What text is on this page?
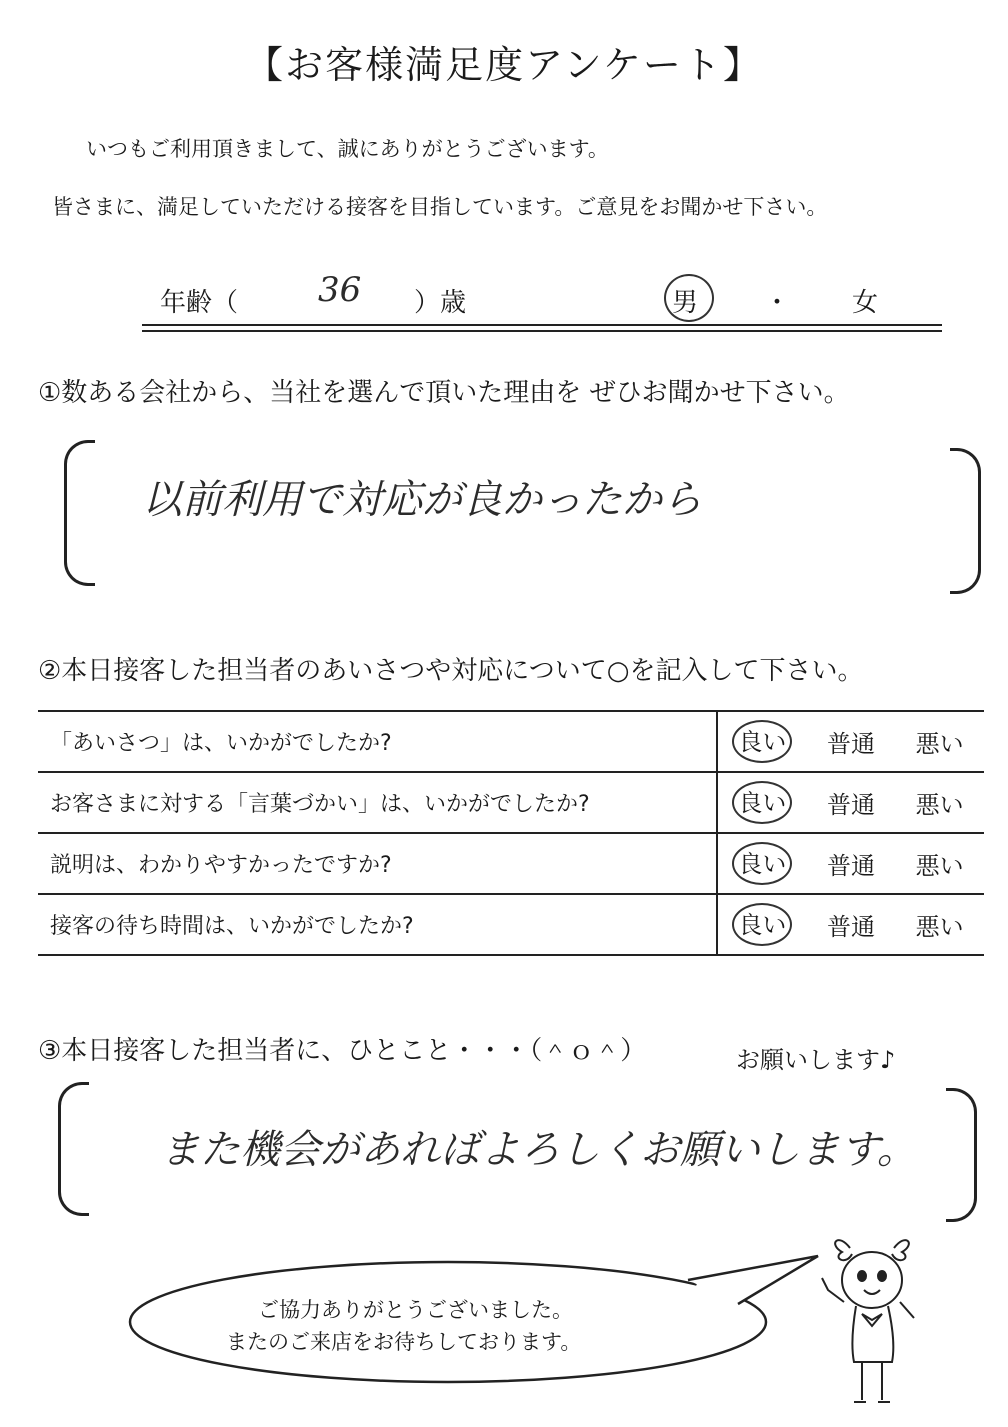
【お客様満足度アンケート】
いつもご利用頂きまして、誠にありがとうございます。
皆さまに、満足していただける接客を目指しています。ご意見をお聞かせ下さい。
年齢（ 36 ）歳	男	・ 女
①数ある会社から、当社を選んで頂いた理由を ぜひお聞かせ下さい。
以前利用で対応が良かったから
②本日接客した担当者のあいさつや対応について○を記入して下さい。
「あいさつ」は、いかがでしたか?	良い 普通 悪い

お客さまに対する「言葉づかい」は、いかがでしたか?	良い 普通 悪い

説明は、わかりやすかったですか?	良い 普通 悪い

接客の待ち時間は、いかがでしたか?	良い 普通 悪い
③本日接客した担当者に、ひとこと・・・（＾ｏ＾）	お願いします♪
また機会があればよろしくお願いします。
ご協力ありがとうございました。
またのご来店をお待ちしております。
